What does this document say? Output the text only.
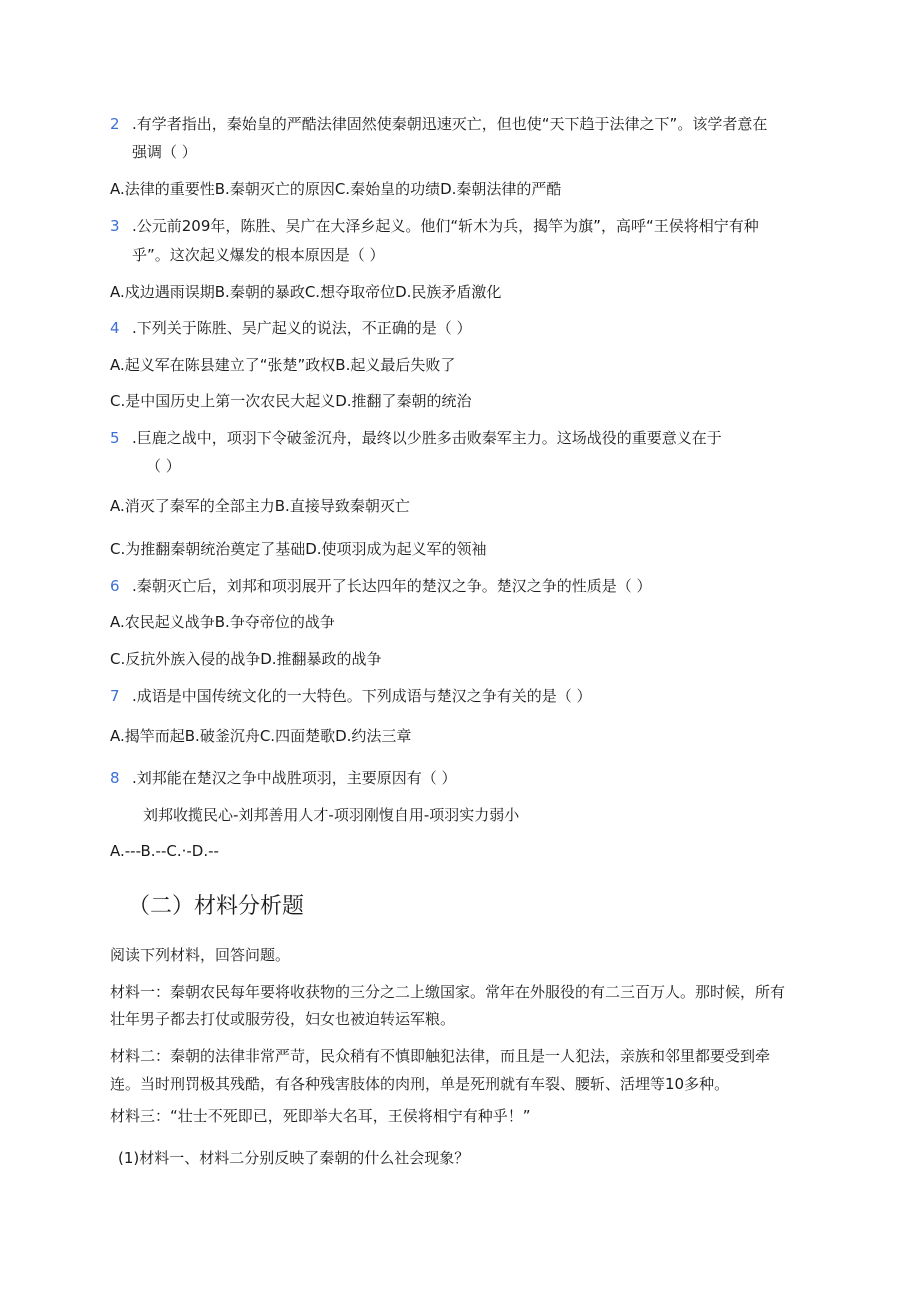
2 .有学者指出，秦始皇的严酷法律固然使秦朝迅速灭亡，但也使“天下趋于法律之下”。该学者意在
强调（ ）
A.法律的重要性B.秦朝灭亡的原因C.秦始皇的功绩D.秦朝法律的严酷
3 .公元前209年，陈胜、吴广在大泽乡起义。他们“斩木为兵，揭竿为旗”，高呼“王侯将相宁有种
乎”。这次起义爆发的根本原因是（ ）
A.戍边遇雨误期B.秦朝的暴政C.想夺取帝位D.民族矛盾激化
4 .下列关于陈胜、吴广起义的说法，不正确的是（ ）
A.起义军在陈县建立了“张楚”政权B.起义最后失败了
C.是中国历史上第一次农民大起义D.推翻了秦朝的统治
5 .巨鹿之战中，项羽下令破釜沉舟，最终以少胜多击败秦军主力。这场战役的重要意义在于
（ ）
A.消灭了秦军的全部主力B.直接导致秦朝灭亡
C.为推翻秦朝统治奠定了基础D.使项羽成为起义军的领袖
6 .秦朝灭亡后，刘邦和项羽展开了长达四年的楚汉之争。楚汉之争的性质是（ ）
A.农民起义战争B.争夺帝位的战争
C.反抗外族入侵的战争D.推翻暴政的战争
7 .成语是中国传统文化的一大特色。下列成语与楚汉之争有关的是（ ）
A.揭竿而起B.破釜沉舟C.四面楚歌D.约法三章
8 .刘邦能在楚汉之争中战胜项羽，主要原因有（ ）
刘邦收揽民心-刘邦善用人才-项羽刚愎自用-项羽实力弱小
A.---B.--C.·-D.--
（二）材料分析题
阅读下列材料，回答问题。
材料一：秦朝农民每年要将收获物的三分之二上缴国家。常年在外服役的有二三百万人。那时候，所有
壮年男子都去打仗或服劳役，妇女也被迫转运军粮。
材料二：秦朝的法律非常严苛，民众稍有不慎即触犯法律，而且是一人犯法，亲族和邻里都要受到牵
连。当时刑罚极其残酷，有各种残害肢体的肉刑，单是死刑就有车裂、腰斩、活埋等10多种。
材料三：“壮士不死即已，死即举大名耳，王侯将相宁有种乎！”
(1)材料一、材料二分别反映了秦朝的什么社会现象？
